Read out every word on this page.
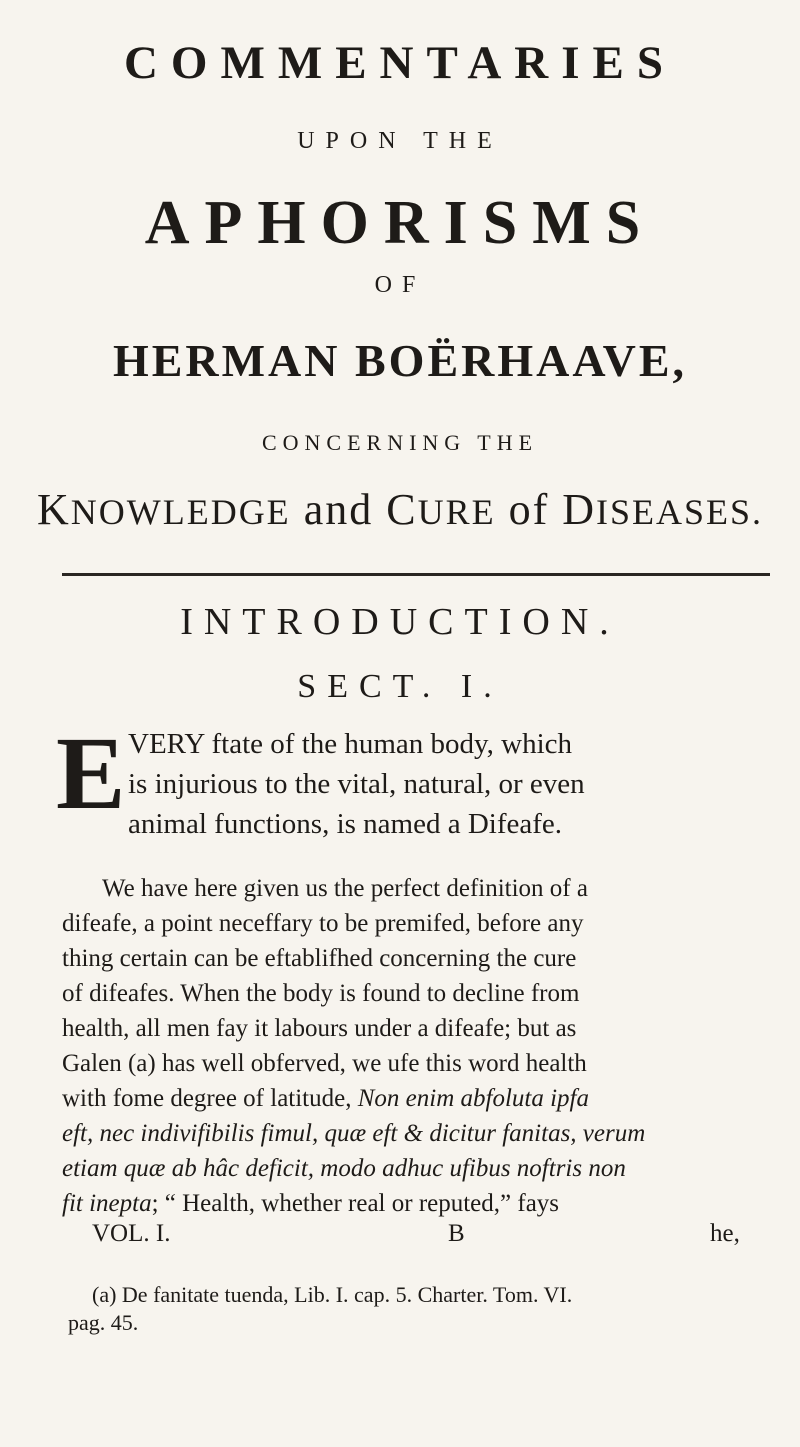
COMMENTARIES
UPON THE
APHORISMS
OF
HERMAN BOËRHAAVE,
CONCERNING THE
KNOWLEDGE and CURE of DISEASES.
INTRODUCTION.
SECT. I.
E VERY ftate of the human body, which
is injurious to the vital, natural, or even
animal functions, is named a Difeafe.
We have here given us the perfect definition of a
difeafe, a point neceffary to be premifed, before any
thing certain can be eftablifhed concerning the cure
of difeafes. When the body is found to decline from
health, all men fay it labours under a difeafe; but as
Galen (a) has well obferved, we ufe this word health
with fome degree of latitude, Non enim abfoluta ipfa
eft, nec indivifibilis fimul, quæ eft & dicitur fanitas, verum
etiam quæ ab hâc deficit, modo adhuc ufibus noftris non
fit inepta; “ Health, whether real or reputed,” fays
VOL. I.	B	he,
(a) De fanitate tuenda, Lib. I. cap. 5. Charter. Tom. VI.
pag. 45.
